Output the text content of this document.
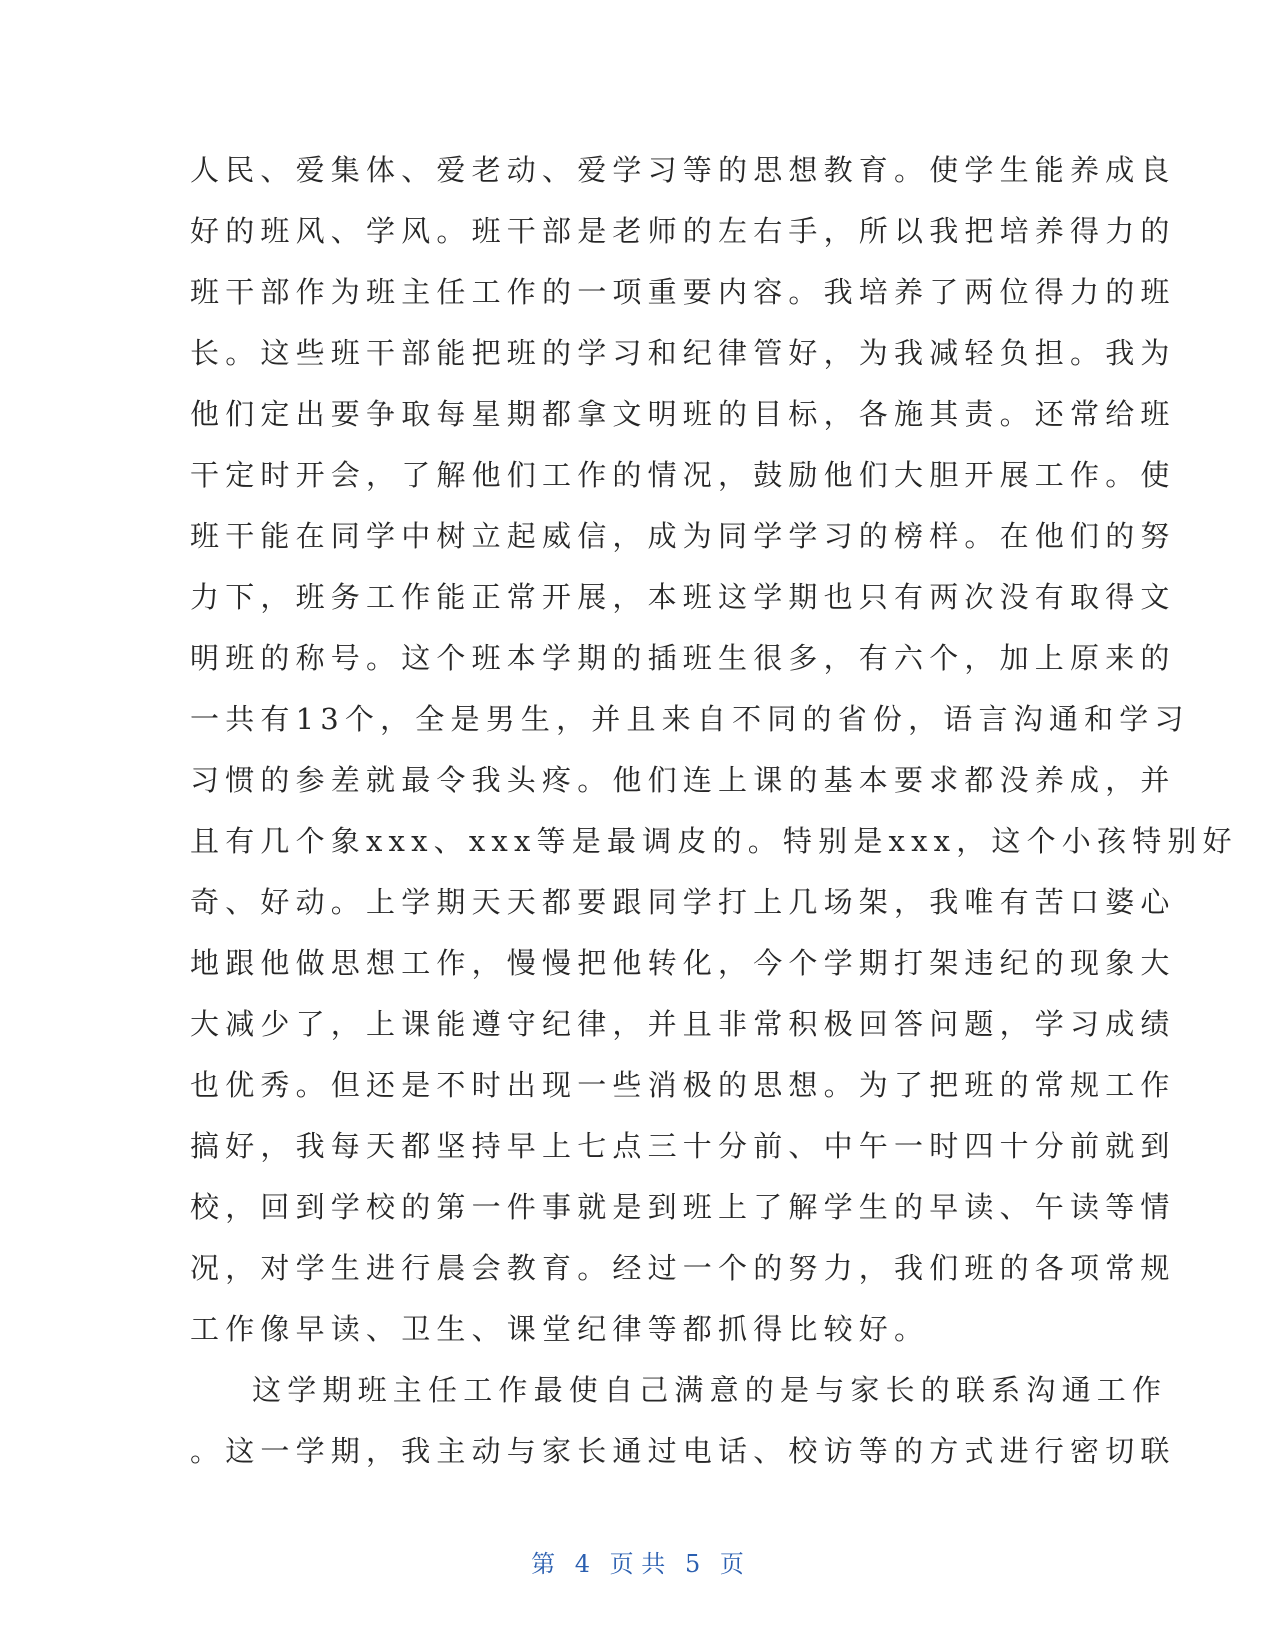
人民、爱集体、爱老动、爱学习等的思想教育。使学生能养成良
好的班风、学风。班干部是老师的左右手，所以我把培养得力的
班干部作为班主任工作的一项重要内容。我培养了两位得力的班
长。这些班干部能把班的学习和纪律管好，为我减轻负担。我为
他们定出要争取每星期都拿文明班的目标，各施其责。还常给班
干定时开会，了解他们工作的情况，鼓励他们大胆开展工作。使
班干能在同学中树立起威信，成为同学学习的榜样。在他们的努
力下，班务工作能正常开展，本班这学期也只有两次没有取得文
明班的称号。这个班本学期的插班生很多，有六个，加上原来的
一共有13个，全是男生，并且来自不同的省份，语言沟通和学习
习惯的参差就最令我头疼。他们连上课的基本要求都没养成，并
且有几个象xxx、xxx等是最调皮的。特别是xxx，这个小孩特别好
奇、好动。上学期天天都要跟同学打上几场架，我唯有苦口婆心
地跟他做思想工作，慢慢把他转化，今个学期打架违纪的现象大
大减少了，上课能遵守纪律，并且非常积极回答问题，学习成绩
也优秀。但还是不时出现一些消极的思想。为了把班的常规工作
搞好，我每天都坚持早上七点三十分前、中午一时四十分前就到
校，回到学校的第一件事就是到班上了解学生的早读、午读等情
况，对学生进行晨会教育。经过一个的努力，我们班的各项常规
工作像早读、卫生、课堂纪律等都抓得比较好。
这学期班主任工作最使自己满意的是与家长的联系沟通工作
。这一学期，我主动与家长通过电话、校访等的方式进行密切联
第 4 页 共 5 页
